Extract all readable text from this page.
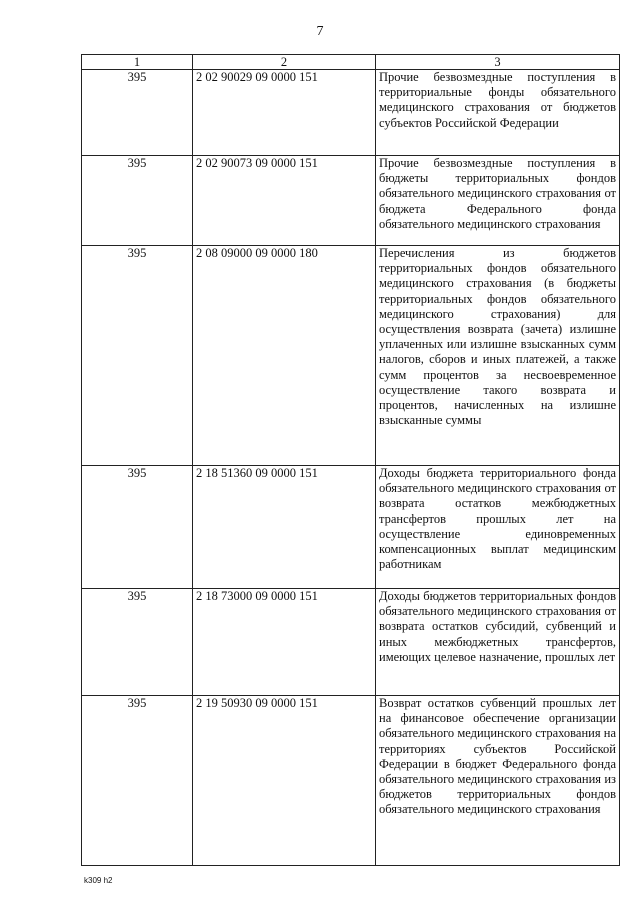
7
1	2	3
395	2 02 90029 09 0000 151	Прочие безвозмездные поступления в территориальные фонды обязательного медицинского страхования от бюджетов субъектов Российской Федерации
395	2 02 90073 09 0000 151	Прочие безвозмездные поступления в бюджеты территориальных фондов обязательного медицинского страхования от бюджета Федерального фонда обязательного медицинского страхования
395	2 08 09000 09 0000 180	Перечисления из бюджетов территориальных фондов обязательного медицинского страхования (в бюджеты территориальных фондов обязательного медицинского страхования) для осуществления возврата (зачета) излишне уплаченных или излишне взысканных сумм налогов, сборов и иных платежей, а также сумм процентов за несвоевременное осуществление такого возврата и процентов, начисленных на излишне взысканные суммы
395	2 18 51360 09 0000 151	Доходы бюджета территориального фонда обязательного медицинского страхования от возврата остатков межбюджетных трансфертов прошлых лет на осуществление единовременных компенсационных выплат медицинским работникам
395	2 18 73000 09 0000 151	Доходы бюджетов территориальных фондов обязательного медицинского страхования от возврата остатков субсидий, субвенций и иных межбюджетных трансфертов, имеющих целевое назначение, прошлых лет
395	2 19 50930 09 0000 151	Возврат остатков субвенций прошлых лет на финансовое обеспечение организации обязательного медицинского страхования на территориях субъектов Российской Федерации в бюджет Федерального фонда обязательного медицинского страхования из бюджетов территориальных фондов обязательного медицинского страхования
k309 h2
